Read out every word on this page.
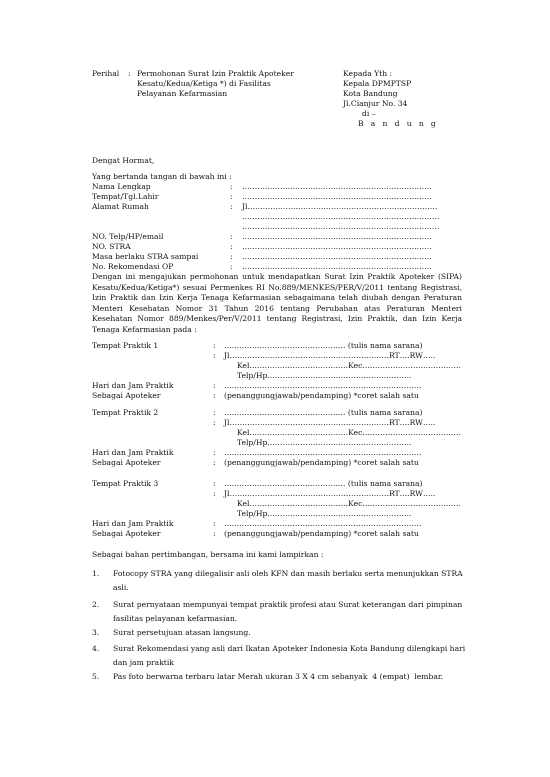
Perihal : Permohonan Surat Izin Praktik Apoteker
Kesatu/Kedua/Ketiga *) di Fasilitas
Pelayanan Kefarmasian
Kepada Yth :
Kepala DPMPTSP
Kota Bandung
Jl.Cianjur No. 34
di –
B a n d u n g
Dengat Hormat,
Yang bertanda tangan di bawah ini :
Nama Lengkap	: …………………………………………………………………
Tempat/Tgl.Lahir	: …………………………………………………………………
Alamat Rumah	: Jl…………………………………………………………………
……………………………………………………………………
……………………………………………………………………
NO. Telp/HP/email	: …………………………………………………………………
NO. STRA	: …………………………………………………………………
Masa berlaku STRA sampai	: …………………………………………………………………
No. Rekomendasi OP	: …………………………………………………………………
Dengan ini mengajukan permohonan untuk mendapatkan Surat Izin Praktik Apoteker (SIPA) Kesatu/Kedua/Ketiga*) sesuai Permenkes RI No.889/MENKES/PER/V/2011 tentang Registrasi, Izin Praktik dan Izin Kerja Tenaga Kefarmasian sebagaimana telah diubah dengan Peraturan Menteri Kesehatan Nomor 31 Tahun 2016 tentang Perubahan atas Peraturan Menteri Kesehatan Nomor 889/Menkes/Per/V/2011 tentang Registrasi, Izin Praktik, dan Izin Kerja Tenaga Kefarmasian pada :
Tempat Praktik 1	: ………………………………………… (tulis nama sarana)
: Jl………………………………………………………RT….RW…..
Kel…………………………………Kec…………………………………
Telp/Hp…………………………………………………
Hari dan Jam Praktik	: ……………………………………………………………………
Sebagai Apoteker	: (penanggungjawab/pendamping) *coret salah satu
Tempat Praktik 2	: ………………………………………… (tulis nama sarana)
: Jl………………………………………………………RT….RW…..
Kel…………………………………Kec…………………………………
Telp/Hp…………………………………………………
Hari dan Jam Praktik	: ……………………………………………………………………
Sebagai Apoteker	: (penanggungjawab/pendamping) *coret salah satu
Tempat Praktik 3	: ………………………………………… (tulis nama sarana)
: Jl………………………………………………………RT….RW…..
Kel…………………………………Kec…………………………………
Telp/Hp…………………………………………………
Hari dan Jam Praktik	: ……………………………………………………………………
Sebagai Apoteker	: (penanggungjawab/pendamping) *coret salah satu
Sebagai bahan pertimbangan, bersama ini kami lampirkan :
1. Fotocopy STRA yang dilegalisir asli oleh KFN dan masih berlaku serta menunjukkan STRA
asli.
2. Surat pernyataan mempunyai tempat praktik profesi atau Surat keterangan dari pimpinan
fasilitas pelayanan kefarmasian.
3. Surat persetujuan atasan langsung.
4. Surat Rekomendasi yang asli dari Ikatan Apoteker Indonesia Kota Bandung dilengkapi hari
dan jam praktik
5. Pas foto berwarna terbaru latar Merah ukuran 3 X 4 cm sebanyak  4 (empat)  lembar.
